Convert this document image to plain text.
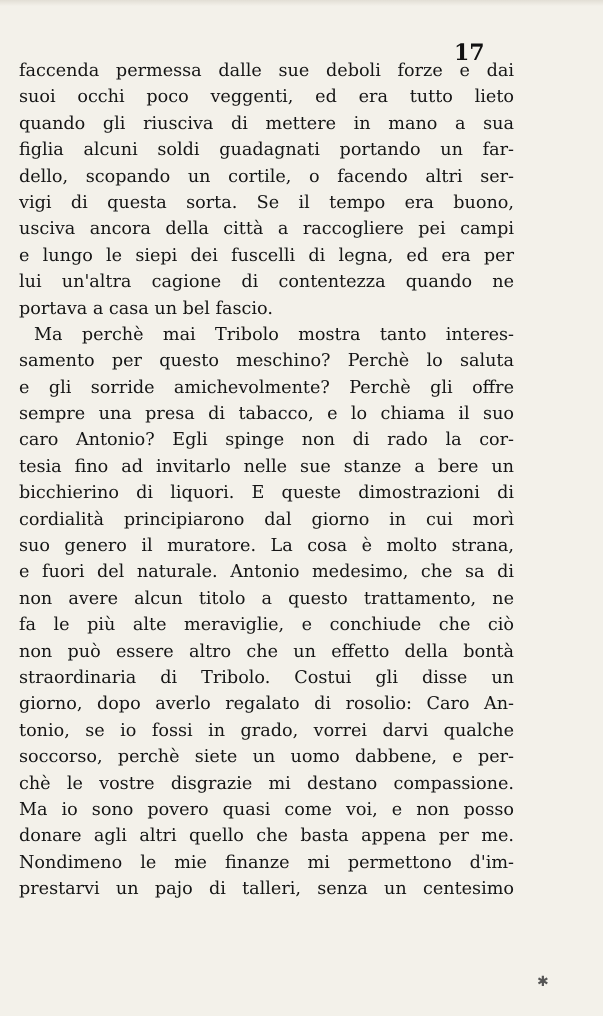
17
faccenda permessa dalle sue deboli forze e dai
suoi occhi poco veggenti, ed era tutto lieto
quando gli riusciva di mettere in mano a sua
figlia alcuni soldi guadagnati portando un far-
dello, scopando un cortile, o facendo altri ser-
vigi di questa sorta. Se il tempo era buono,
usciva ancora della città a raccogliere pei campi
e lungo le siepi dei fuscelli di legna, ed era per
lui un'altra cagione di contentezza quando ne
portava a casa un bel fascio.
Ma perchè mai Tribolo mostra tanto interes-
samento per questo meschino? Perchè lo saluta
e gli sorride amichevolmente? Perchè gli offre
sempre una presa di tabacco, e lo chiama il suo
caro Antonio? Egli spinge non di rado la cor-
tesia fino ad invitarlo nelle sue stanze a bere un
bicchierino di liquori. E queste dimostrazioni di
cordialità principiarono dal giorno in cui morì
suo genero il muratore. La cosa è molto strana,
e fuori del naturale. Antonio medesimo, che sa di
non avere alcun titolo a questo trattamento, ne
fa le più alte meraviglie, e conchiude che ciò
non può essere altro che un effetto della bontà
straordinaria di Tribolo. Costui gli disse un
giorno, dopo averlo regalato di rosolio: Caro An-
tonio, se io fossi in grado, vorrei darvi qualche
soccorso, perchè siete un uomo dabbene, e per-
chè le vostre disgrazie mi destano compassione.
Ma io sono povero quasi come voi, e non posso
donare agli altri quello che basta appena per me.
Nondimeno le mie finanze mi permettono d'im-
prestarvi un pajo di talleri, senza un centesimo
✱
